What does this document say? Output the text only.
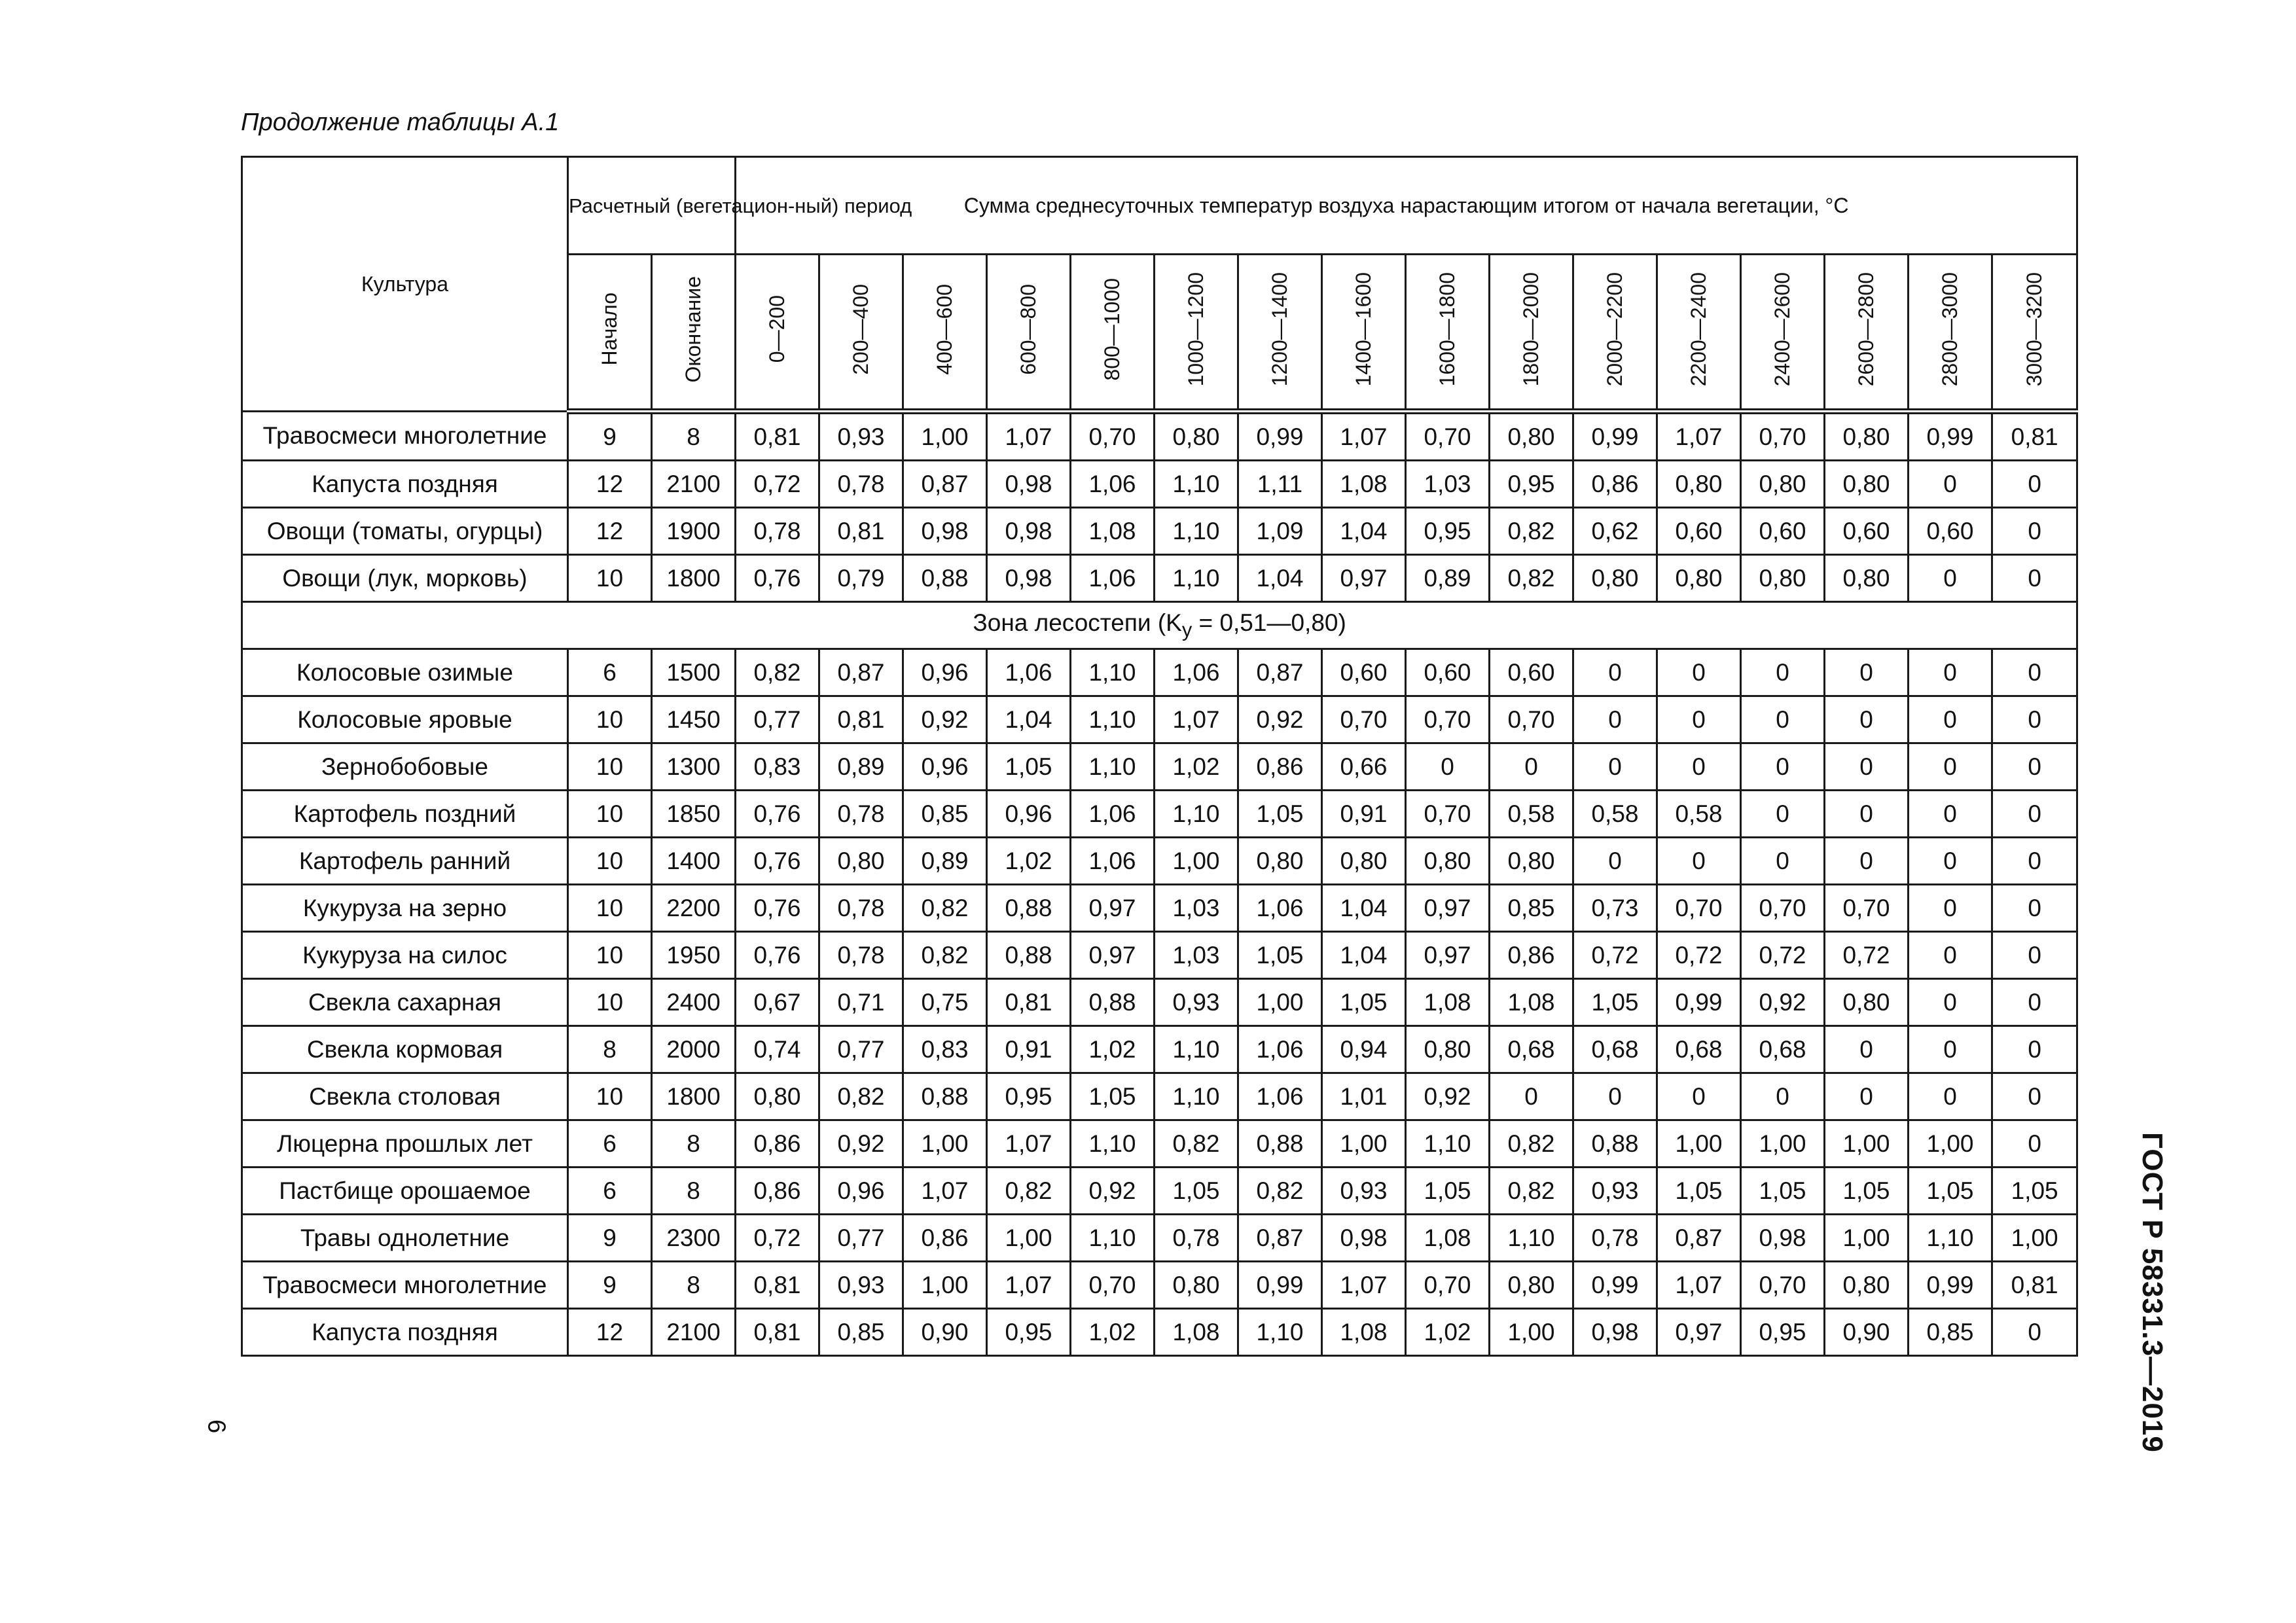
Продолжение таблицы А.1
Культура	Расчетный (вегетацион-ный) период		Сумма среднесуточных температур воздуха нарастающим итогом от начала вегетации, °С															
	Начало	Окончание	0—200	200—400	400—600	600—800	800—1000	1000—1200	1200—1400	1400—1600	1600—1800	1800—2000	2000—2200	2200—2400	2400—2600	2600—2800	2800—3000	3000—3200
Травосмеси многолетние	9	8	0,81	0,93	1,00	1,07	0,70	0,80	0,99	1,07	0,70	0,80	0,99	1,07	0,70	0,80	0,99	0,81
Капуста поздняя	12	2100	0,72	0,78	0,87	0,98	1,06	1,10	1,11	1,08	1,03	0,95	0,86	0,80	0,80	0,80	0	0
Овощи (томаты, огурцы)	12	1900	0,78	0,81	0,98	0,98	1,08	1,10	1,09	1,04	0,95	0,82	0,62	0,60	0,60	0,60	0,60	0
Овощи (лук, морковь)	10	1800	0,76	0,79	0,88	0,98	1,06	1,10	1,04	0,97	0,89	0,82	0,80	0,80	0,80	0,80	0	0
Зона лесостепи ($K_y$ = 0,51—0,80)																		
Колосовые озимые	6	1500	0,82	0,87	0,96	1,06	1,10	1,06	0,87	0,60	0,60	0,60	0	0	0	0	0	0
Колосовые яровые	10	1450	0,77	0,81	0,92	1,04	1,10	1,07	0,92	0,70	0,70	0,70	0	0	0	0	0	0
Зернобобовые	10	1300	0,83	0,89	0,96	1,05	1,10	1,02	0,86	0,66	0	0	0	0	0	0	0	0
Картофель поздний	10	1850	0,76	0,78	0,85	0,96	1,06	1,10	1,05	0,91	0,70	0,58	0,58	0,58	0	0	0	0
Картофель ранний	10	1400	0,76	0,80	0,89	1,02	1,06	1,00	0,80	0,80	0,80	0,80	0	0	0	0	0	0
Кукуруза на зерно	10	2200	0,76	0,78	0,82	0,88	0,97	1,03	1,06	1,04	0,97	0,85	0,73	0,70	0,70	0,70	0	0
Кукуруза на силос	10	1950	0,76	0,78	0,82	0,88	0,97	1,03	1,05	1,04	0,97	0,86	0,72	0,72	0,72	0,72	0	0
Свекла сахарная	10	2400	0,67	0,71	0,75	0,81	0,88	0,93	1,00	1,05	1,08	1,08	1,05	0,99	0,92	0,80	0	0
Свекла кормовая	8	2000	0,74	0,77	0,83	0,91	1,02	1,10	1,06	0,94	0,80	0,68	0,68	0,68	0,68	0	0	0
Свекла столовая	10	1800	0,80	0,82	0,88	0,95	1,05	1,10	1,06	1,01	0,92	0	0	0	0	0	0	0
Люцерна прошлых лет	6	8	0,86	0,92	1,00	1,07	1,10	0,82	0,88	1,00	1,10	0,82	0,88	1,00	1,00	1,00	1,00	0
Пастбище орошаемое	6	8	0,86	0,96	1,07	0,82	0,92	1,05	0,82	0,93	1,05	0,82	0,93	1,05	1,05	1,05	1,05	1,05
Травы однолетние	9	2300	0,72	0,77	0,86	1,00	1,10	0,78	0,87	0,98	1,08	1,10	0,78	0,87	0,98	1,00	1,10	1,00
Травосмеси многолетние	9	8	0,81	0,93	1,00	1,07	0,70	0,80	0,99	1,07	0,70	0,80	0,99	1,07	0,70	0,80	0,99	0,81
Капуста поздняя	12	2100	0,81	0,85	0,90	0,95	1,02	1,08	1,10	1,08	1,02	1,00	0,98	0,97	0,95	0,90	0,85	0	ГОСТ Р 58331.3—2019
6
